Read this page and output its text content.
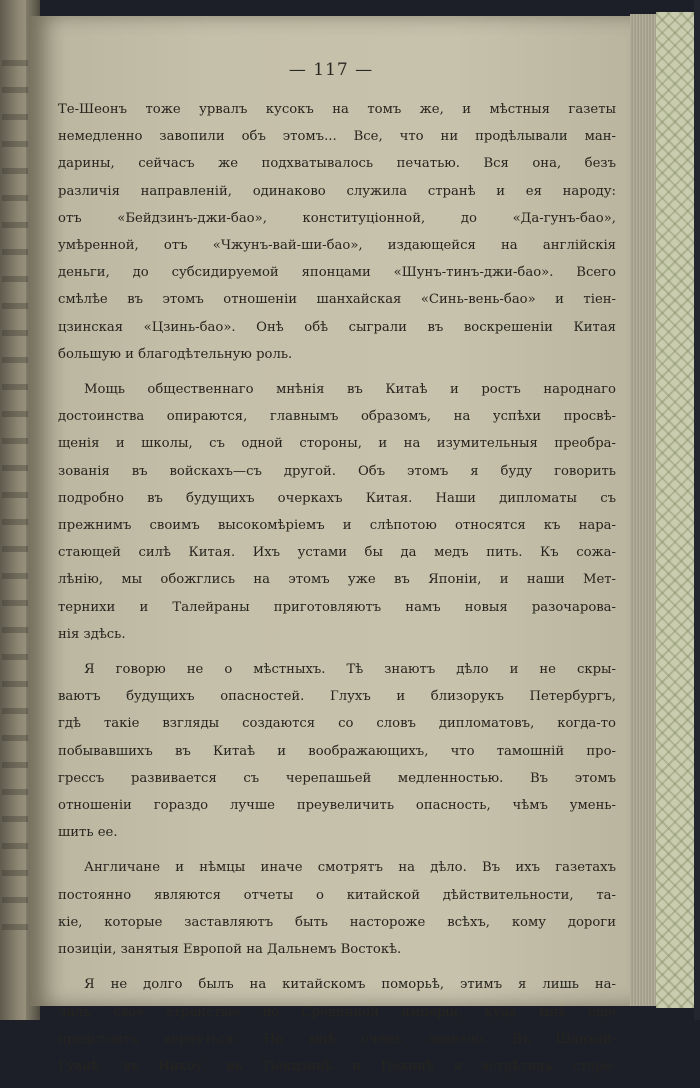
— 117 —

Те-Шеонъ тоже урвалъ кусокъ на томъ же, и мѣстныя газеты
немедленно завопили объ этомъ... Все, что ни продѣлывали ман-
дарины, сейчасъ же подхватывалось печатью. Вся она, безъ
различія направленій, одинаково служила странѣ и ея народу:
отъ «Бейдзинъ-джи-бао», конституціонной, до «Да-гунъ-бао»,
умѣренной, отъ «Чжунъ-вай-ши-бао», издающейся на англійскія
деньги, до субсидируемой японцами «Шунъ-тинъ-джи-бао». Всего
смѣлѣе въ этомъ отношеніи шанхайская «Синь-вень-бао» и тіен-
цзинская «Цзинь-бао». Онѣ обѣ сыграли въ воскрешеніи Китая
большую и благодѣтельную роль.

Мощь общественнаго мнѣнія въ Китаѣ и ростъ народнаго
достоинства опираются, главнымъ образомъ, на успѣхи просвѣ-
щенія и школы, съ одной стороны, и на изумительныя преобра-
зованія въ войскахъ—съ другой. Объ этомъ я буду говорить
подробно въ будущихъ очеркахъ Китая. Наши дипломаты съ
прежнимъ своимъ высокомѣріемъ и слѣпотою относятся къ нара-
стающей силѣ Китая. Ихъ устами бы да медъ пить. Къ сожа-
лѣнію, мы обожглись на этомъ уже въ Японіи, и наши Мет-
тернихи и Талейраны приготовляютъ намъ новыя разочарова-
нія здѣсь.

Я говорю не о мѣстныхъ. Тѣ знаютъ дѣло и не скры-
ваютъ будущихъ опасностей. Глухъ и близорукъ Петербургъ,
гдѣ такіе взгляды создаются со словъ дипломатовъ, когда-то
побывавшихъ въ Китаѣ и воображающихъ, что тамошній про-
грессъ развивается съ черепашьей медленностью. Въ этомъ
отношеніи гораздо лучше преувеличить опасность, чѣмъ умень-
шить ее.

Англичане и нѣмцы иначе смотрятъ на дѣло. Въ ихъ газетахъ
постоянно являются отчеты о китайской дѣйствительности, та-
кіе, которые заставляютъ быть настороже всѣхъ, кому дороги
позиціи, занятыя Европой на Дальнемъ Востокѣ.

Я не долго былъ на китайскомъ поморьѣ, этимъ я лишь на-
чалъ свое странствіе по Срединной имперіи, куда мнѣ еще
предстоитъ вернуться. Но мнѣ очень повезло. Въ Шанхай-
Гуанѣ, въ Инкоу, въ Тіенцзинѣ и Пекинѣ я встрѣтилъ старо-
